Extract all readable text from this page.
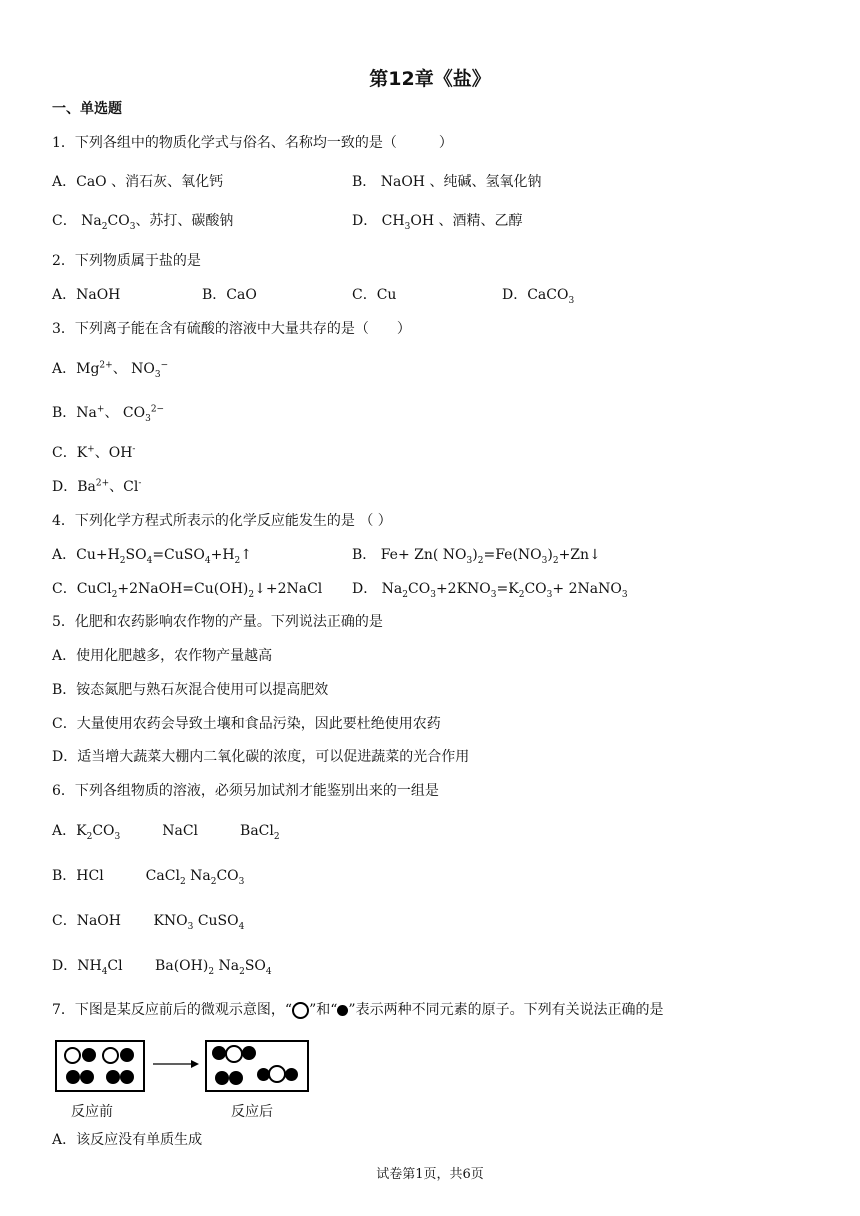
第12章《盐》
一、单选题
1．下列各组中的物质化学式与俗名、名称均一致的是（　　　）
A．CaO 、消石灰、氧化钙	B． NaOH 、纯碱、氢氧化钠
C． $Na_2CO_3$、苏打、碳酸钠	D． $CH_3OH$ 、酒精、乙醇
2．下列物质属于盐的是
A．NaOH	B．CaO	C．Cu	D．CaCO$_3$
3．下列离子能在含有硫酸的溶液中大量共存的是（　　）
A．$Mg^{2+}$、 $NO_3^-$
B．Na+、 $CO_3^{2-}$
C．K+、OH-
D．$Ba^{2+}$、Cl-
4．下列化学方程式所表示的化学反应能发生的是 （ ）
A．$Cu+H_2SO_4=CuSO_4+H_2↑$	B． Fe+ Zn( $NO_3)_2=Fe(NO_3)_2+Zn↓$
C．$CuCl_2+2NaOH=Cu(OH)_2↓+2NaCl$ D． $Na_2CO_3+2KNO_3=K_2CO_3+$ 2NaNO$_3$
5．化肥和农药影响农作物的产量。下列说法正确的是
A．使用化肥越多，农作物产量越高
B．铵态氮肥与熟石灰混合使用可以提高肥效
C．大量使用农药会导致土壤和食品污染，因此要杜绝使用农药
D．适当增大蔬菜大棚内二氧化碳的浓度，可以促进蔬菜的光合作用
6．下列各组物质的溶液，必须另加试剂才能鉴别出来的一组是
A．$K_2CO_3$　　　NaCl　　　BaCl$_2$
B．HCl　　　CaCl$_2$ $Na_2CO_3$
C．NaOH　　 $KNO_3$ CuSO$_4$
D．$NH_4Cl$　　 $Ba(OH)_2$ $Na_2SO_4$
7．下图是某反应前后的微观示意图，“ ”和“ ”表示两种不同元素的原子。下列有关说法正确的是
反应前	反应后
A．该反应没有单质生成
试卷第1页，共6页
